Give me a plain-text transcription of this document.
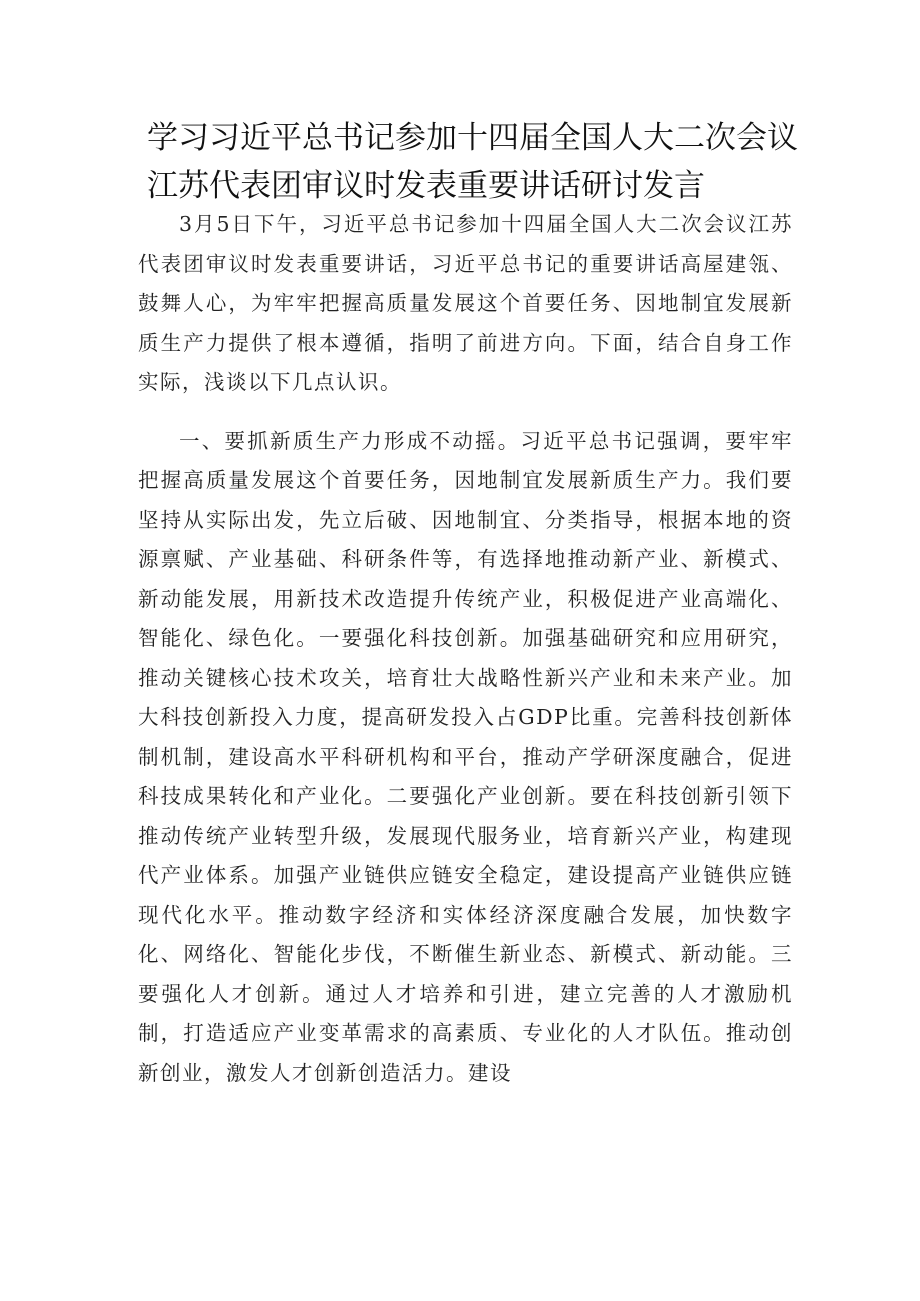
学习习近平总书记参加十四届全国人大二次会议
江苏代表团审议时发表重要讲话研讨发言

3月5日下午，习近平总书记参加十四届全国人大二次会议江苏代表团审议时发表重要讲话，习近平总书记的重要讲话高屋建瓴、鼓舞人心，为牢牢把握高质量发展这个首要任务、因地制宜发展新质生产力提供了根本遵循，指明了前进方向。下面，结合自身工作实际，浅谈以下几点认识。

一、要抓新质生产力形成不动摇。习近平总书记强调，要牢牢把握高质量发展这个首要任务，因地制宜发展新质生产力。我们要坚持从实际出发，先立后破、因地制宜、分类指导，根据本地的资源禀赋、产业基础、科研条件等，有选择地推动新产业、新模式、新动能发展，用新技术改造提升传统产业，积极促进产业高端化、智能化、绿色化。一要强化科技创新。加强基础研究和应用研究，推动关键核心技术攻关，培育壮大战略性新兴产业和未来产业。加大科技创新投入力度，提高研发投入占GDP比重。完善科技创新体制机制，建设高水平科研机构和平台，推动产学研深度融合，促进科技成果转化和产业化。二要强化产业创新。要在科技创新引领下推动传统产业转型升级，发展现代服务业，培育新兴产业，构建现代产业体系。加强产业链供应链安全稳定，建设提高产业链供应链现代化水平。推动数字经济和实体经济深度融合发展，加快数字化、网络化、智能化步伐，不断催生新业态、新模式、新动能。三要强化人才创新。通过人才培养和引进，建立完善的人才激励机制，打造适应产业变革需求的高素质、专业化的人才队伍。推动创新创业，激发人才创新创造活力。建设
